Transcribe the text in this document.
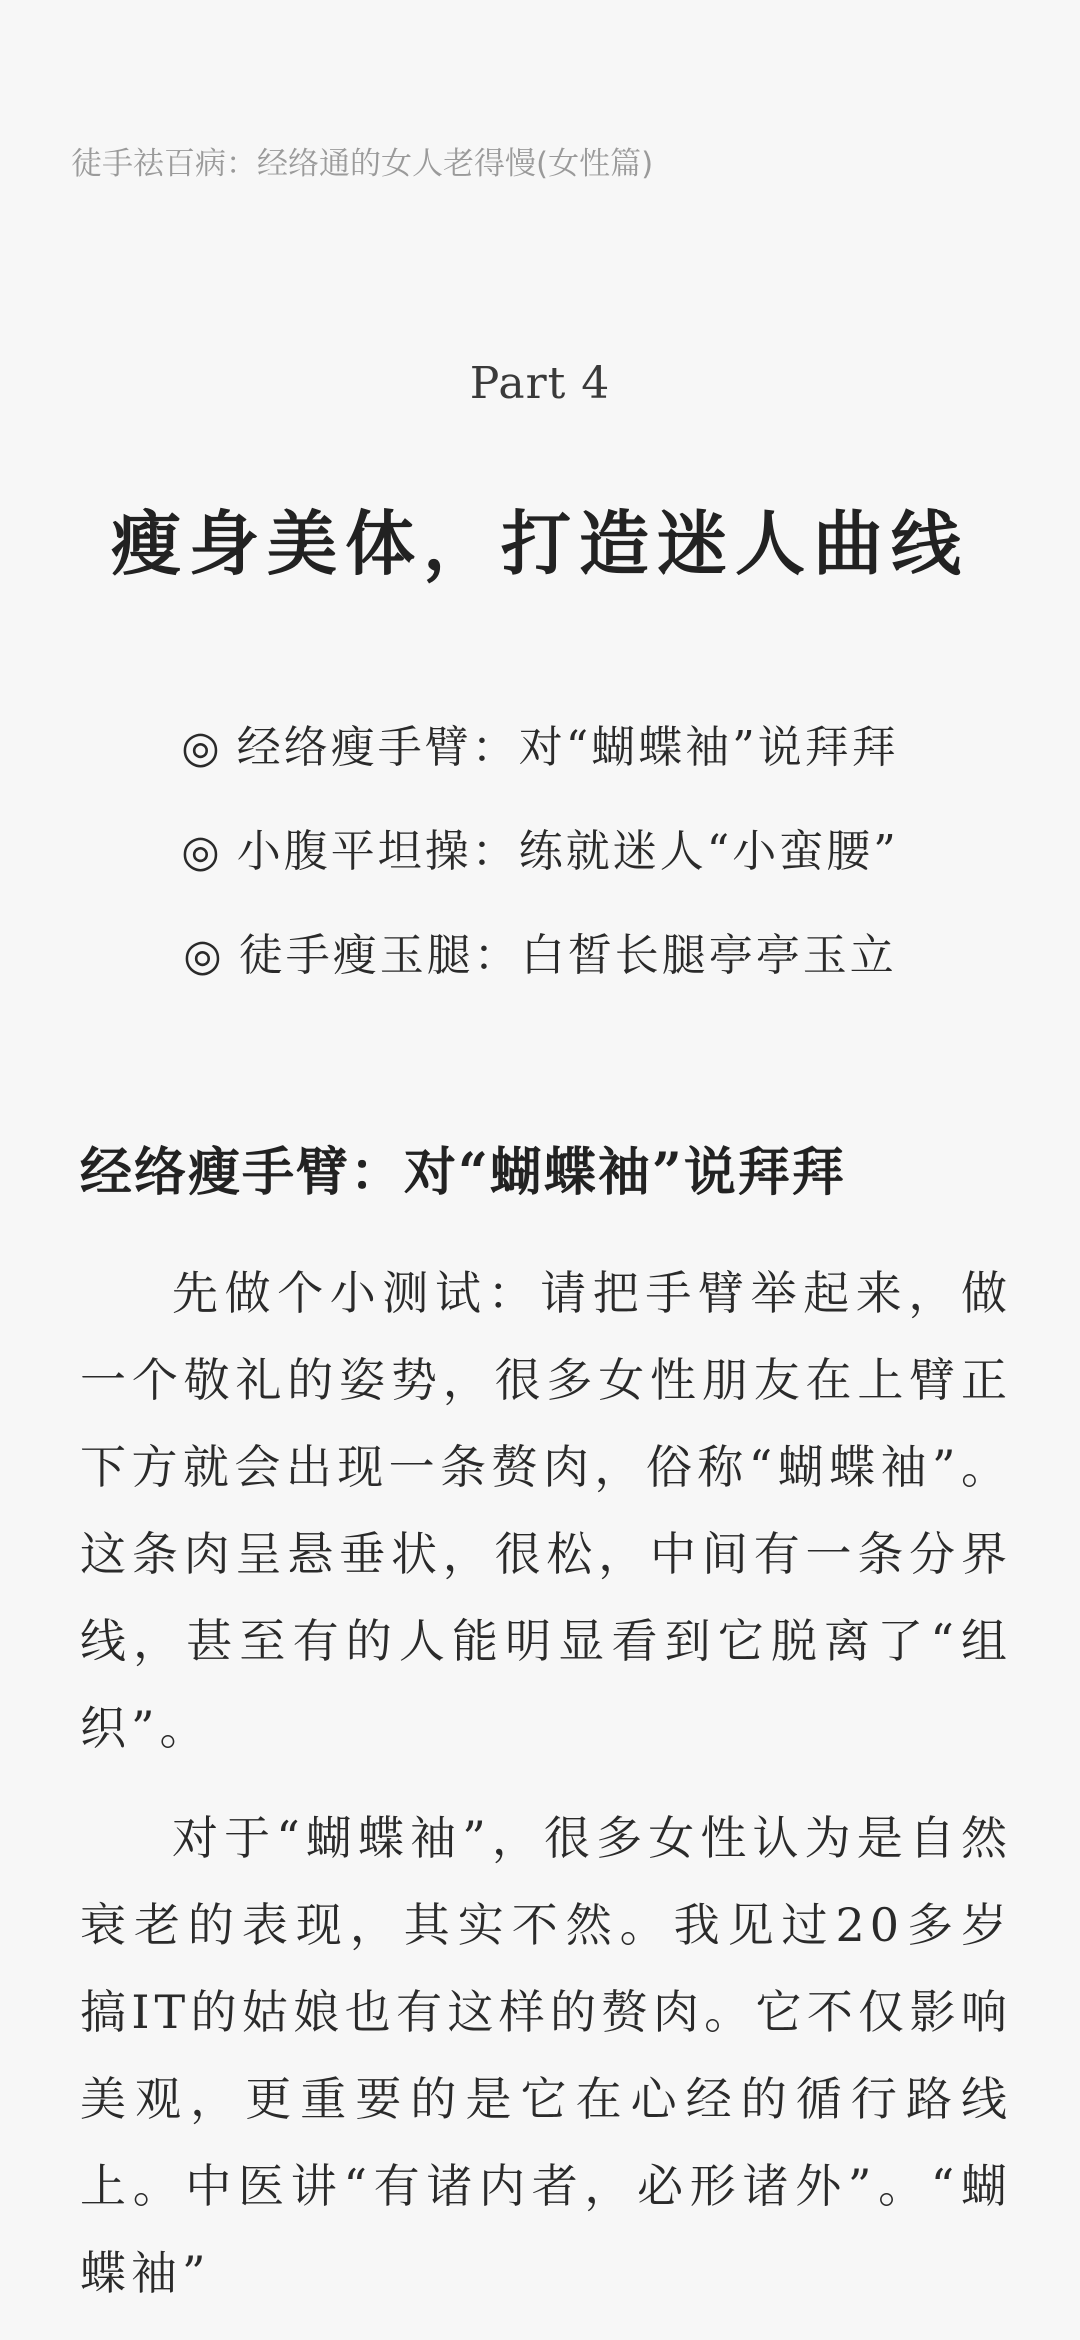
徒手祛百病：经络通的女人老得慢(女性篇)
Part 4
瘦身美体，打造迷人曲线
◎ 经络瘦手臂：对“蝴蝶袖”说拜拜
◎ 小腹平坦操：练就迷人“小蛮腰”
◎ 徒手瘦玉腿：白皙长腿亭亭玉立
经络瘦手臂：对“蝴蝶袖”说拜拜

先做个小测试：请把手臂举起来，做一个敬礼的姿势，很多女性朋友在上臂正下方就会出现一条赘肉，俗称“蝴蝶袖”。这条肉呈悬垂状，很松，中间有一条分界线，甚至有的人能明显看到它脱离了“组织”。

对于“蝴蝶袖”，很多女性认为是自然衰老的表现，其实不然。我见过20多岁搞IT的姑娘也有这样的赘肉。它不仅影响美观，更重要的是它在心经的循行路线上。中医讲“有诸内者，必形诸外”。“蝴蝶袖”
